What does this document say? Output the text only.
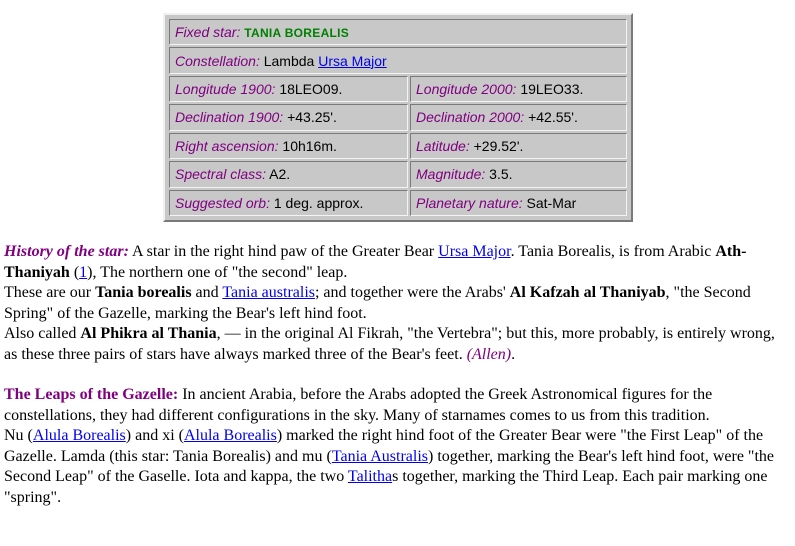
Fixed star: TANIA BOREALIS	
Constellation: Lambda Ursa Major	
Longitude 1900: 18LEO09.	Longitude 2000: 19LEO33.
Declination 1900: +43.25'.	Declination 2000: +42.55'.
Right ascension: 10h16m.	Latitude: +29.52'.
Spectral class: A2.	Magnitude: 3.5.
Suggested orb: 1 deg. approx.	Planetary nature: Sat-Mar

History of the star: A star in the right hind paw of the Greater Bear Ursa Major. Tania Borealis, is from Arabic Ath-Thaniyah (1), The northern one of "the second" leap.

These are our Tania borealis and Tania australis; and together were the Arabs' Al Kafzah al Thaniyab, "the Second Spring" of the Gazelle, marking the Bear's left hind foot.

Also called Al Phikra al Thania, — in the original Al Fikrah, "the Vertebra"; but this, more probably, is entirely wrong, as these three pairs of stars have always marked three of the Bear's feet. (Allen).

The Leaps of the Gazelle: In ancient Arabia, before the Arabs adopted the Greek Astronomical figures for the constellations, they had different configurations in the sky. Many of starnames comes to us from this tradition.

Nu (Alula Borealis) and xi (Alula Borealis) marked the right hind foot of the Greater Bear were "the First Leap" of the Gazelle. Lamda (this star: Tania Borealis) and mu (Tania Australis) together, marking the Bear's left hind foot, were "the Second Leap" of the Gaselle. Iota and kappa, the two Talithas together, marking the Third Leap. Each pair marking one "spring".
